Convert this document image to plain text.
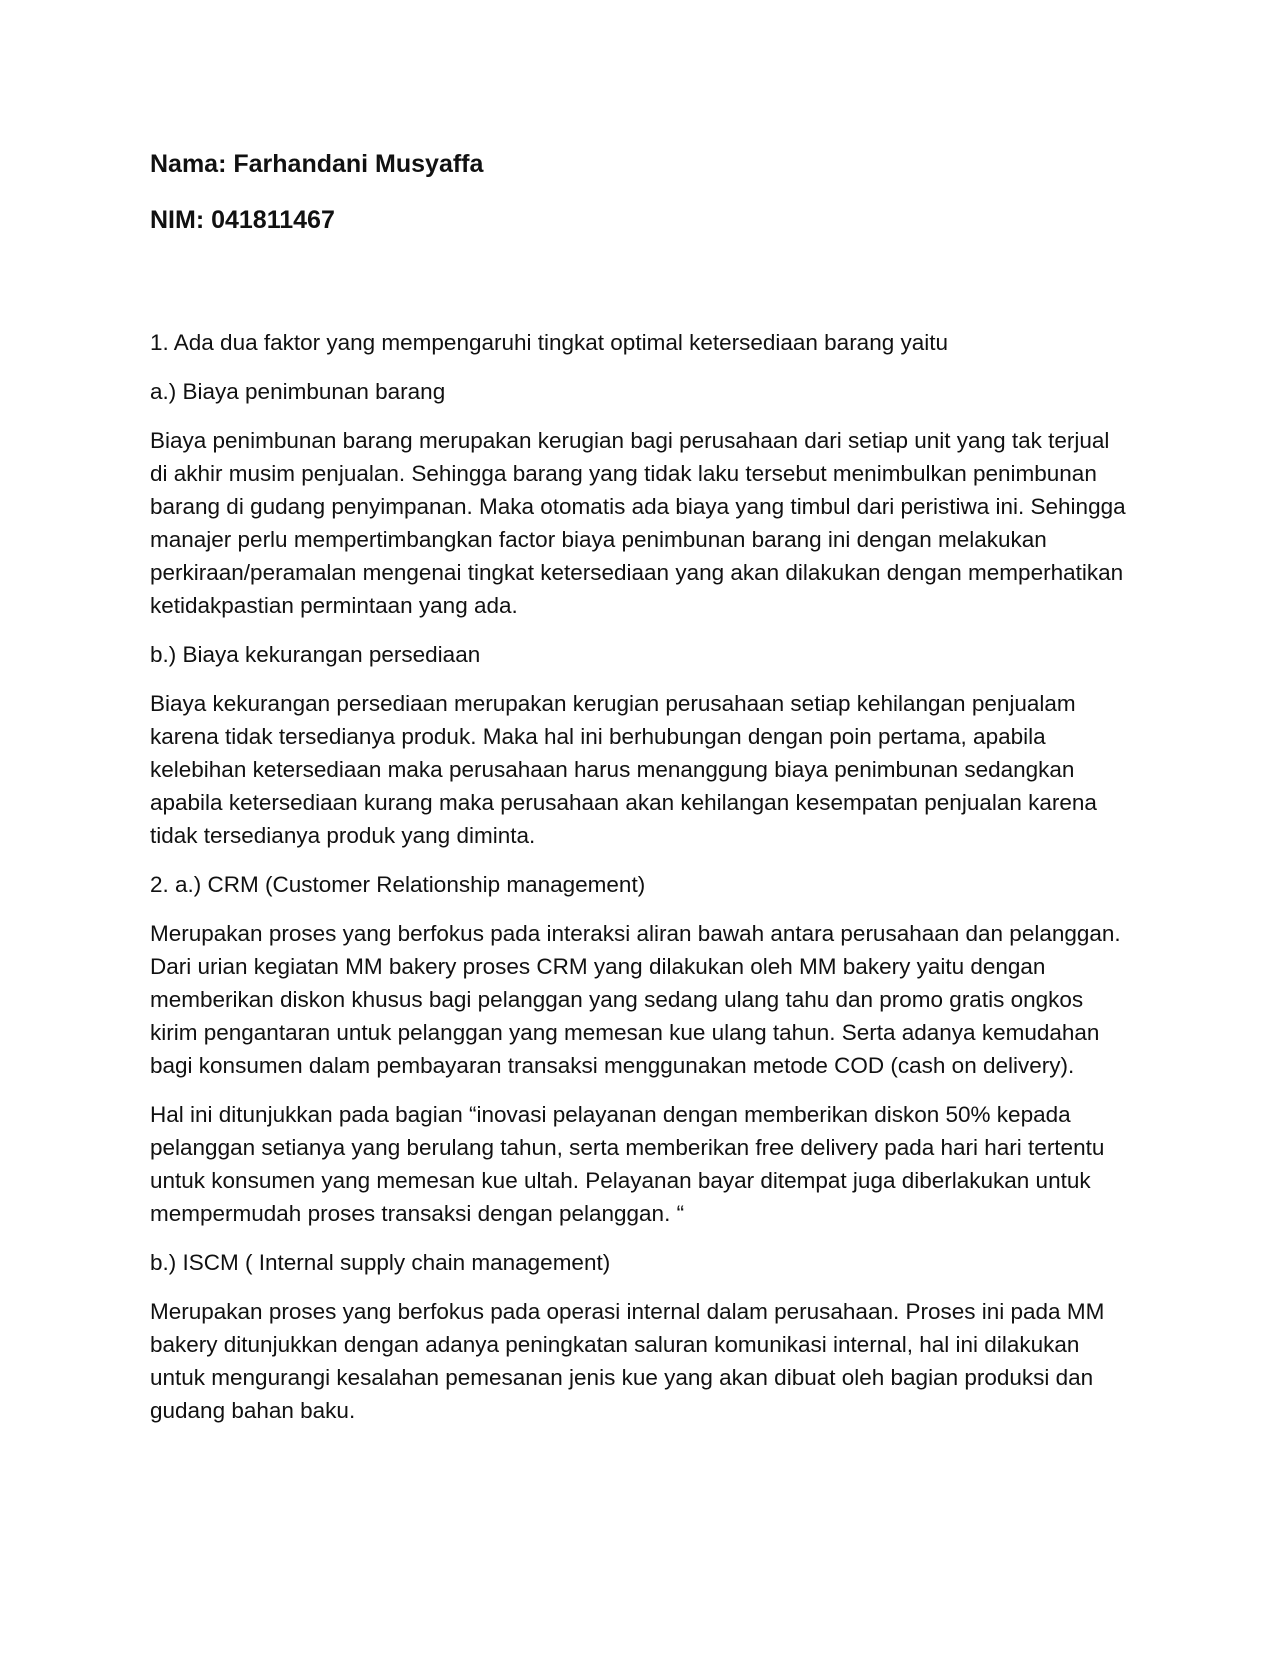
Nama: Farhandani Musyaffa

NIM: 041811467

1. Ada dua faktor yang mempengaruhi tingkat optimal ketersediaan barang yaitu

a.) Biaya penimbunan barang

Biaya penimbunan barang merupakan kerugian bagi perusahaan dari setiap unit yang tak terjual di akhir musim penjualan. Sehingga barang yang tidak laku tersebut menimbulkan penimbunan barang di gudang penyimpanan. Maka otomatis ada biaya yang timbul dari peristiwa ini. Sehingga manajer perlu mempertimbangkan factor biaya penimbunan barang ini dengan melakukan perkiraan/peramalan mengenai tingkat ketersediaan yang akan dilakukan dengan memperhatikan ketidakpastian permintaan yang ada.

b.) Biaya kekurangan persediaan

Biaya kekurangan persediaan merupakan kerugian perusahaan setiap kehilangan penjualam karena tidak tersedianya produk. Maka hal ini berhubungan dengan poin pertama, apabila kelebihan ketersediaan maka perusahaan harus menanggung biaya penimbunan sedangkan apabila ketersediaan kurang maka perusahaan akan kehilangan kesempatan penjualan karena tidak tersedianya produk yang diminta.

2. a.) CRM (Customer Relationship management)

Merupakan proses yang berfokus pada interaksi aliran bawah antara perusahaan dan pelanggan. Dari urian kegiatan MM bakery proses CRM yang dilakukan oleh MM bakery yaitu dengan memberikan diskon khusus bagi pelanggan yang sedang ulang tahu dan promo gratis ongkos kirim pengantaran untuk pelanggan yang memesan kue ulang tahun. Serta adanya kemudahan bagi konsumen dalam pembayaran transaksi menggunakan metode COD (cash on delivery).

Hal ini ditunjukkan pada bagian “inovasi pelayanan dengan memberikan diskon 50% kepada pelanggan setianya yang berulang tahun, serta memberikan free delivery pada hari hari tertentu untuk konsumen yang memesan kue ultah. Pelayanan bayar ditempat juga diberlakukan untuk mempermudah proses transaksi dengan pelanggan. “

b.) ISCM ( Internal supply chain management)

Merupakan proses yang berfokus pada operasi internal dalam perusahaan. Proses ini pada MM bakery ditunjukkan dengan adanya peningkatan saluran komunikasi internal, hal ini dilakukan untuk mengurangi kesalahan pemesanan jenis kue yang akan dibuat oleh bagian produksi dan gudang bahan baku.
